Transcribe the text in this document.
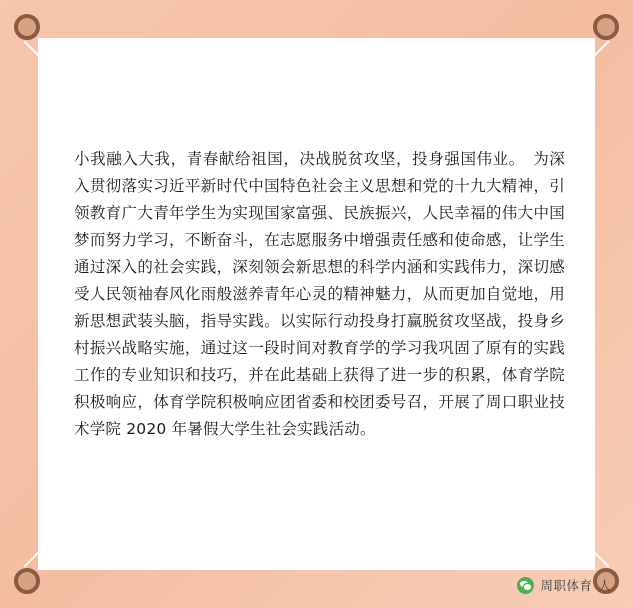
小我融入大我，青春献给祖国，决战脱贫攻坚，投身强国伟业。　为深入贯彻落实习近平新时代中国特色社会主义思想和党的十九大精神，引领教育广大青年学生为实现国家富强、民族振兴，人民幸福的伟大中国梦而努力学习，不断奋斗，在志愿服务中增强责任感和使命感，让学生通过深入的社会实践，深刻领会新思想的科学内涵和实践伟力，深切感受人民领袖春风化雨般滋养青年心灵的精神魅力，从而更加自觉地，用新思想武装头脑，指导实践。以实际行动投身打赢脱贫攻坚战，投身乡村振兴战略实施，通过这一段时间对教育学的学习我巩固了原有的实践工作的专业知识和技巧，并在此基础上获得了进一步的积累，体育学院积极响应，体育学院积极响应团省委和校团委号召，开展了周口职业技术学院 2020 年暑假大学生社会实践活动。
周职体育 人
